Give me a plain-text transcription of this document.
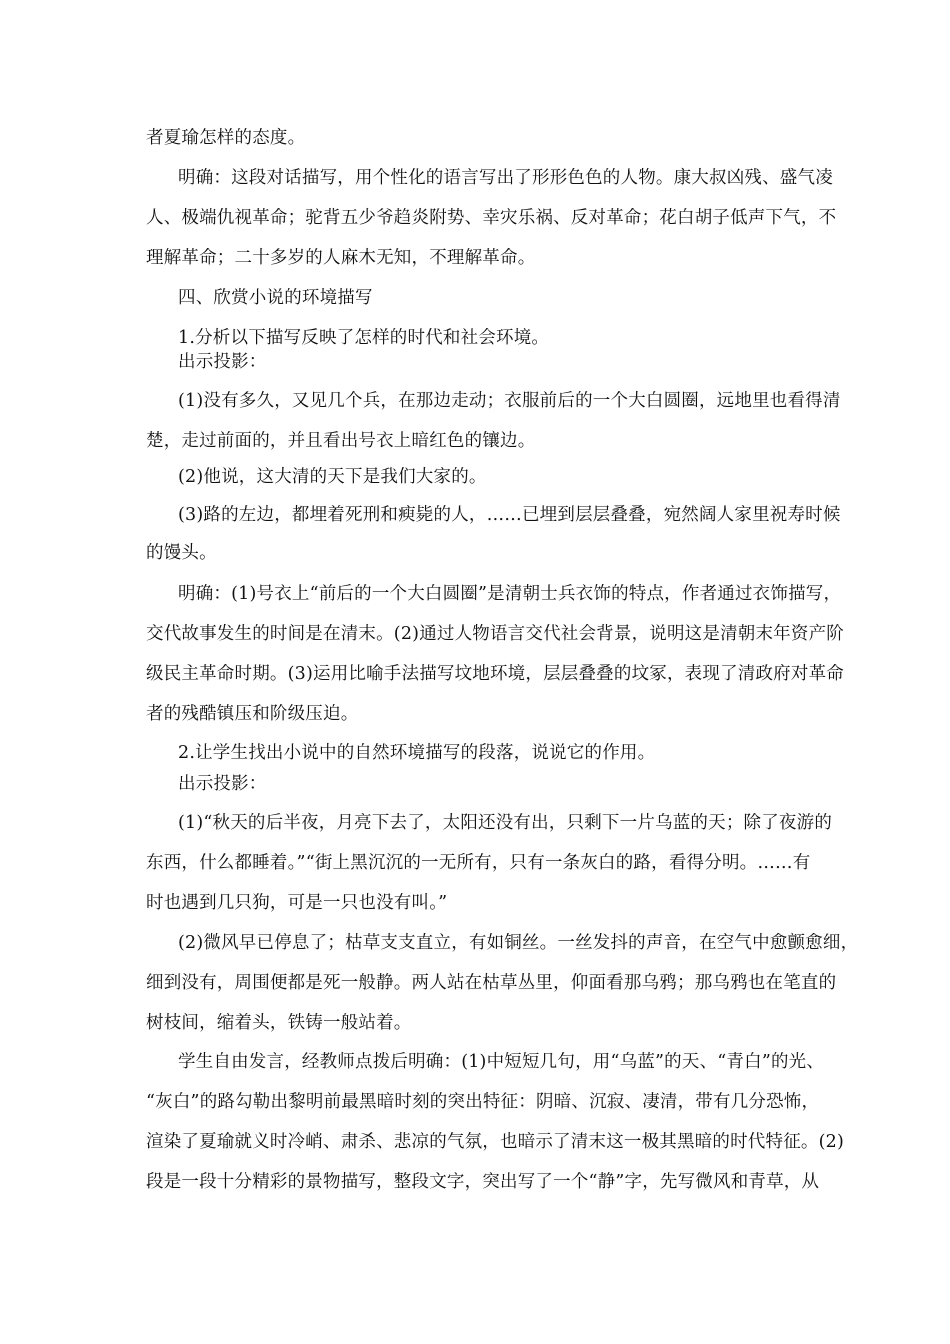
者夏瑜怎样的态度。
明确：这段对话描写，用个性化的语言写出了形形色色的人物。康大叔凶残、盛气凌
人、极端仇视革命；驼背五少爷趋炎附势、幸灾乐祸、反对革命；花白胡子低声下气，不
理解革命；二十多岁的人麻木无知，不理解革命。
四、欣赏小说的环境描写
1.分析以下描写反映了怎样的时代和社会环境。
出示投影：
(1)没有多久，又见几个兵，在那边走动；衣服前后的一个大白圆圈，远地里也看得清
楚，走过前面的，并且看出号衣上暗红色的镶边。
(2)他说，这大清的天下是我们大家的。
(3)路的左边，都埋着死刑和瘐毙的人，……已埋到层层叠叠，宛然阔人家里祝寿时候
的馒头。
明确：(1)号衣上“前后的一个大白圆圈”是清朝士兵衣饰的特点，作者通过衣饰描写，
交代故事发生的时间是在清末。(2)通过人物语言交代社会背景，说明这是清朝末年资产阶
级民主革命时期。(3)运用比喻手法描写坟地环境，层层叠叠的坟冢，表现了清政府对革命
者的残酷镇压和阶级压迫。
2.让学生找出小说中的自然环境描写的段落，说说它的作用。
出示投影：
(1)“秋天的后半夜，月亮下去了，太阳还没有出，只剩下一片乌蓝的天；除了夜游的
东西，什么都睡着。”“街上黑沉沉的一无所有，只有一条灰白的路，看得分明。……有
时也遇到几只狗，可是一只也没有叫。”
(2)微风早已停息了；枯草支支直立，有如铜丝。一丝发抖的声音，在空气中愈颤愈细，
细到没有，周围便都是死一般静。两人站在枯草丛里，仰面看那乌鸦；那乌鸦也在笔直的
树枝间，缩着头，铁铸一般站着。
学生自由发言，经教师点拨后明确：(1)中短短几句，用“乌蓝”的天、“青白”的光、
“灰白”的路勾勒出黎明前最黑暗时刻的突出特征：阴暗、沉寂、凄清，带有几分恐怖，
渲染了夏瑜就义时冷峭、肃杀、悲凉的气氛，也暗示了清末这一极其黑暗的时代特征。(2)
段是一段十分精彩的景物描写，整段文字，突出写了一个“静”字，先写微风和青草，从
